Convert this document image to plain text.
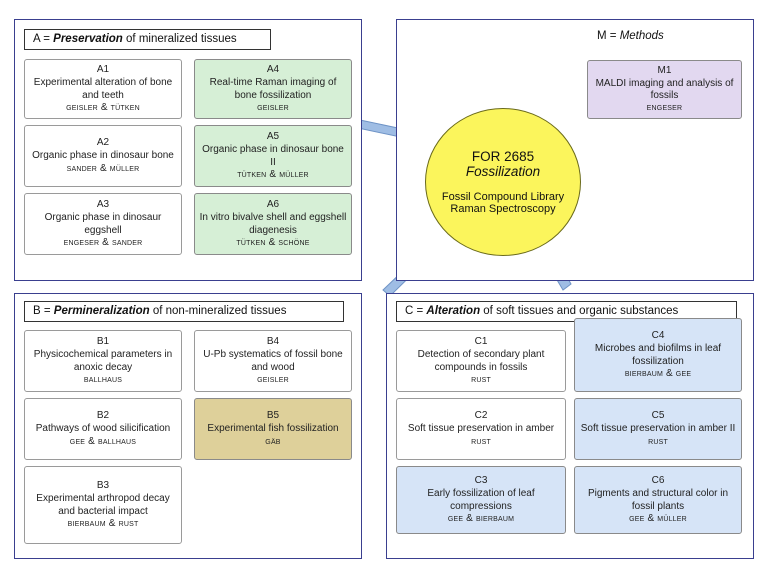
A = Preservation of mineralized tissues
A1
Experimental alteration of bone and teeth
geisler & tütken
A2
Organic phase in dinosaur bone
sander & müller
A3
Organic phase in dinosaur eggshell
engeser & sander
A4
Real-time Raman imaging of bone fossilization
geisler
A5
Organic phase in dinosaur bone II
tütken & müller
A6
In vitro bivalve shell and eggshell diagenesis
tütken & schöne
M = Methods
M1
MALDI imaging and analysis of fossils
engeser
FOR 2685
Fossilization
Fossil Compound Library
Raman Spectroscopy
B = Permineralization of non-mineralized tissues
B1
Physicochemical parameters in anoxic decay
ballhaus
B2
Pathways of wood silicification
gee & ballhaus
B3
Experimental arthropod decay and bacterial impact
bierbaum & rust
B4
U-Pb systematics of fossil bone and wood
geisler
B5
Experimental fish fossilization
gäb
C = Alteration of soft tissues and organic substances
C1
Detection of secondary plant compounds in fossils
rust
C2
Soft tissue preservation in amber
rust
C3
Early fossilization of leaf compressions
gee & bierbaum
C4
Microbes and biofilms in leaf fossilization
bierbaum & gee
C5
Soft tissue preservation in amber II
rust
C6
Pigments and structural color in fossil plants
gee & müller
